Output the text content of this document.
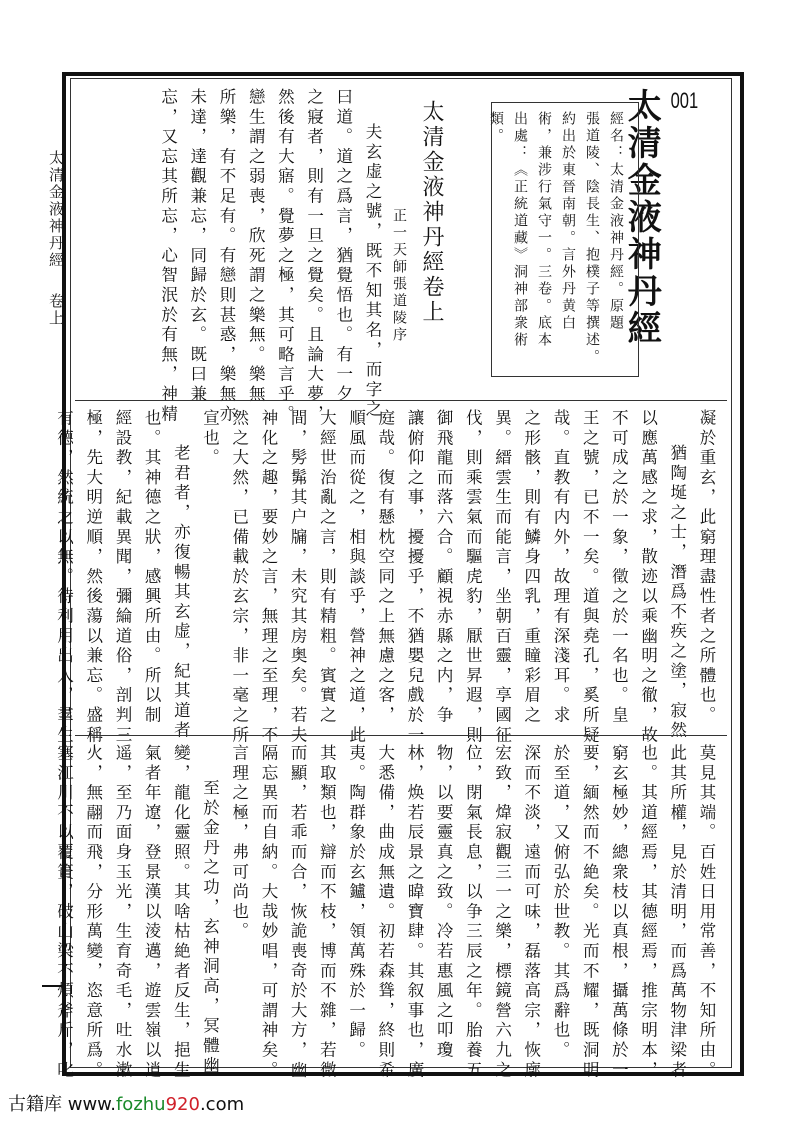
太清金液神丹經卷上
001
太清金液神丹經
經名：太清金液神丹經。原題
張道陵、陰長生、抱樸子等撰述。
約出於東晉南朝。言外丹黄白
術，兼涉行氣守一。三卷。底本
出處：《正統道藏》洞神部衆術
類。
太清金液神丹經卷上
正一天師張道陵序
夫玄虚之號，既不知其名，而字之
曰道。道之爲言，猶覺悟也。有一夕
之寢者，則有一旦之覺矣。且論大夢，
然後有大寤。覺夢之極，其可略言乎。
戀生謂之弱喪，欣死謂之樂無。樂無
所樂，有不足有。有戀則甚惑，樂無亦
未達，達觀兼忘，同歸於玄。既曰兼
忘，又忘其所忘，心智泯於有無，神精
凝於重玄，此窮理盡性者之所體也。
猶陶埏之士，潛爲不疾之塗，寂然
以應萬感之求，散迹以乘幽明之徹，故
不可成之於一象，徵之於一名也。皇
王之號，已不一矣。道與堯孔，奚所疑
哉。直教有内外，故理有深淺耳。求
之形骸，則有鱗身四乳，重瞳彩眉之
異。縉雲生而能言，坐朝百靈，享國征
伐，則乘雲氣而驅虎豹，厭世昇遐，則
御飛龍而落六合。顧視赤縣之内，争
讓俯仰之事，擾擾乎，不猶嬰兒戲於一
庭哉。復有懸枕空同之上無慮之客，
順風而從之，相與談乎，營神之道，此
大經世治亂之言，則有精粗。賓實之
間，髣髴其户牖，未究其房奥矣。若夫
神化之趣，要妙之言，無理之至理，不
然之大然，已備載於玄宗，非一毫之所
宣也。
老君者，亦復暢其玄虚，紀其道者
也。其神德之狀，感興所由。所以制
經設教，紀載異聞，彌綸道俗，剖判三
極，先大明逆順，然後蕩以兼忘。盛稱
有德，然統之以無。待利用出入，羣生
莫見其端。百姓日用常善，不知所由。
此其所權，見於清明，而爲萬物津梁者
也。其道經焉，其德經焉，推宗明本，
窮玄極妙，總衆枝以真根，攝萬條於一
要，緬然而不絶矣。光而不耀，既洞明
於至道，又俯弘於世教。其爲辭也。
深而不淡，遠而可味，磊落高宗，恢廓
宏致，煒寂觀三一之樂，標鏡營六九之
位，閉氣長息，以争三辰之年。胎養五
物，以要靈真之致。冷若惠風之叩瓊
林，焕若辰景之暐寶肆。其叙事也，廣
大悉備，曲成無遺。初若森聳，終則希
夷。陶群象於玄鑪，領萬殊於一歸。
其取類也，辯而不枝，博而不雜，若微
而顯，若乖而合，恢詭喪奇於大方，幽
隔忘異而自納。大哉妙唱，可謂神矣。
言理之極，弗可尚也。
至於金丹之功，玄神洞高，冥體幽
變，龍化靈照。其啥枯絶者反生，挹生
氣者年遼，登景漢以淩邁，遊雲嶺以逍
遥，至乃面身玉光，生育奇毛，吐水漱
火，無翮而飛，分形萬變，恣意所爲。
塞江川不以覆簣，破山梁不煩斧斤，叱
古籍库 www.fozhu920.com
